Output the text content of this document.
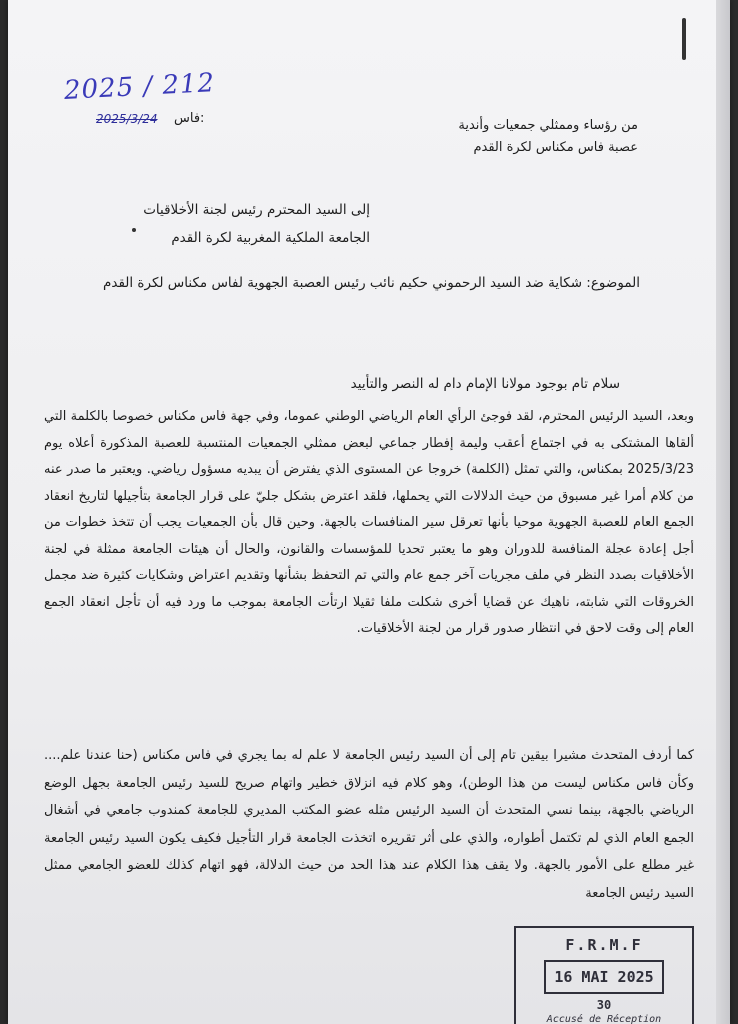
2025 / 212
2025/3/24 فاس:	من رؤساء وممثلي جمعيات وأندية
عصبة فاس مكناس لكرة القدم
إلى السيد المحترم رئيس لجنة الأخلاقيات
الجامعة الملكية المغربية لكرة القدم
الموضوع: شكاية ضد السيد الرحموني حكيم نائب رئيس العصبة الجهوية لفاس مكناس لكرة القدم
سلام تام بوجود مولانا الإمام دام له النصر والتأييد
وبعد، السيد الرئيس المحترم، لقد فوجئ الرأي العام الرياضي الوطني عموما، وفي جهة فاس مكناس خصوصا بالكلمة التي ألقاها المشتكى به في اجتماع أعقب وليمة إفطار جماعي لبعض ممثلي الجمعيات المنتسبة للعصبة المذكورة أعلاه يوم 2025/3/23 بمكناس، والتي تمثل (الكلمة) خروجا عن المستوى الذي يفترض أن يبديه مسؤول رياضي. ويعتبر ما صدر عنه من كلام أمرا غير مسبوق من حيث الدلالات التي يحملها، فلقد اعترض بشكل جليّ على قرار الجامعة بتأجيلها لتاريخ انعقاد الجمع العام للعصبة الجهوية موحيا بأنها تعرقل سير المنافسات بالجهة. وحين قال بأن الجمعيات يجب أن تتخذ خطوات من أجل إعادة عجلة المنافسة للدوران وهو ما يعتبر تحديا للمؤسسات والقانون، والحال أن هيئات الجامعة ممثلة في لجنة الأخلاقيات بصدد النظر في ملف مجريات آخر جمع عام والتي تم التحفظ بشأنها وتقديم اعتراض وشكايات كثيرة ضد مجمل الخروقات التي شابته، ناهيك عن قضايا أخرى شكلت ملفا ثقيلا ارتأت الجامعة بموجب ما ورد فيه أن تأجل انعقاد الجمع العام إلى وقت لاحق في انتظار صدور قرار من لجنة الأخلاقيات.
كما أردف المتحدث مشيرا بيقين تام إلى أن السيد رئيس الجامعة لا علم له بما يجري في فاس مكناس (حنا عندنا علم.... وكأن فاس مكناس ليست من هذا الوطن)، وهو كلام فيه انزلاق خطير واتهام صريح للسيد رئيس الجامعة بجهل الوضع الرياضي بالجهة، بينما نسي المتحدث أن السيد الرئيس مثله عضو المكتب المديري للجامعة كمندوب جامعي في أشغال الجمع العام الذي لم تكتمل أطواره، والذي على أثر تقريره اتخذت الجامعة قرار التأجيل فكيف يكون السيد رئيس الجامعة غير مطلع على الأمور بالجهة. ولا يقف هذا الكلام عند هذا الحد من حيث الدلالة، فهو اتهام كذلك للعضو الجامعي ممثل السيد رئيس الجامعة
F.R.M.F
16 MAI 2025
30
Accusé de Réception
